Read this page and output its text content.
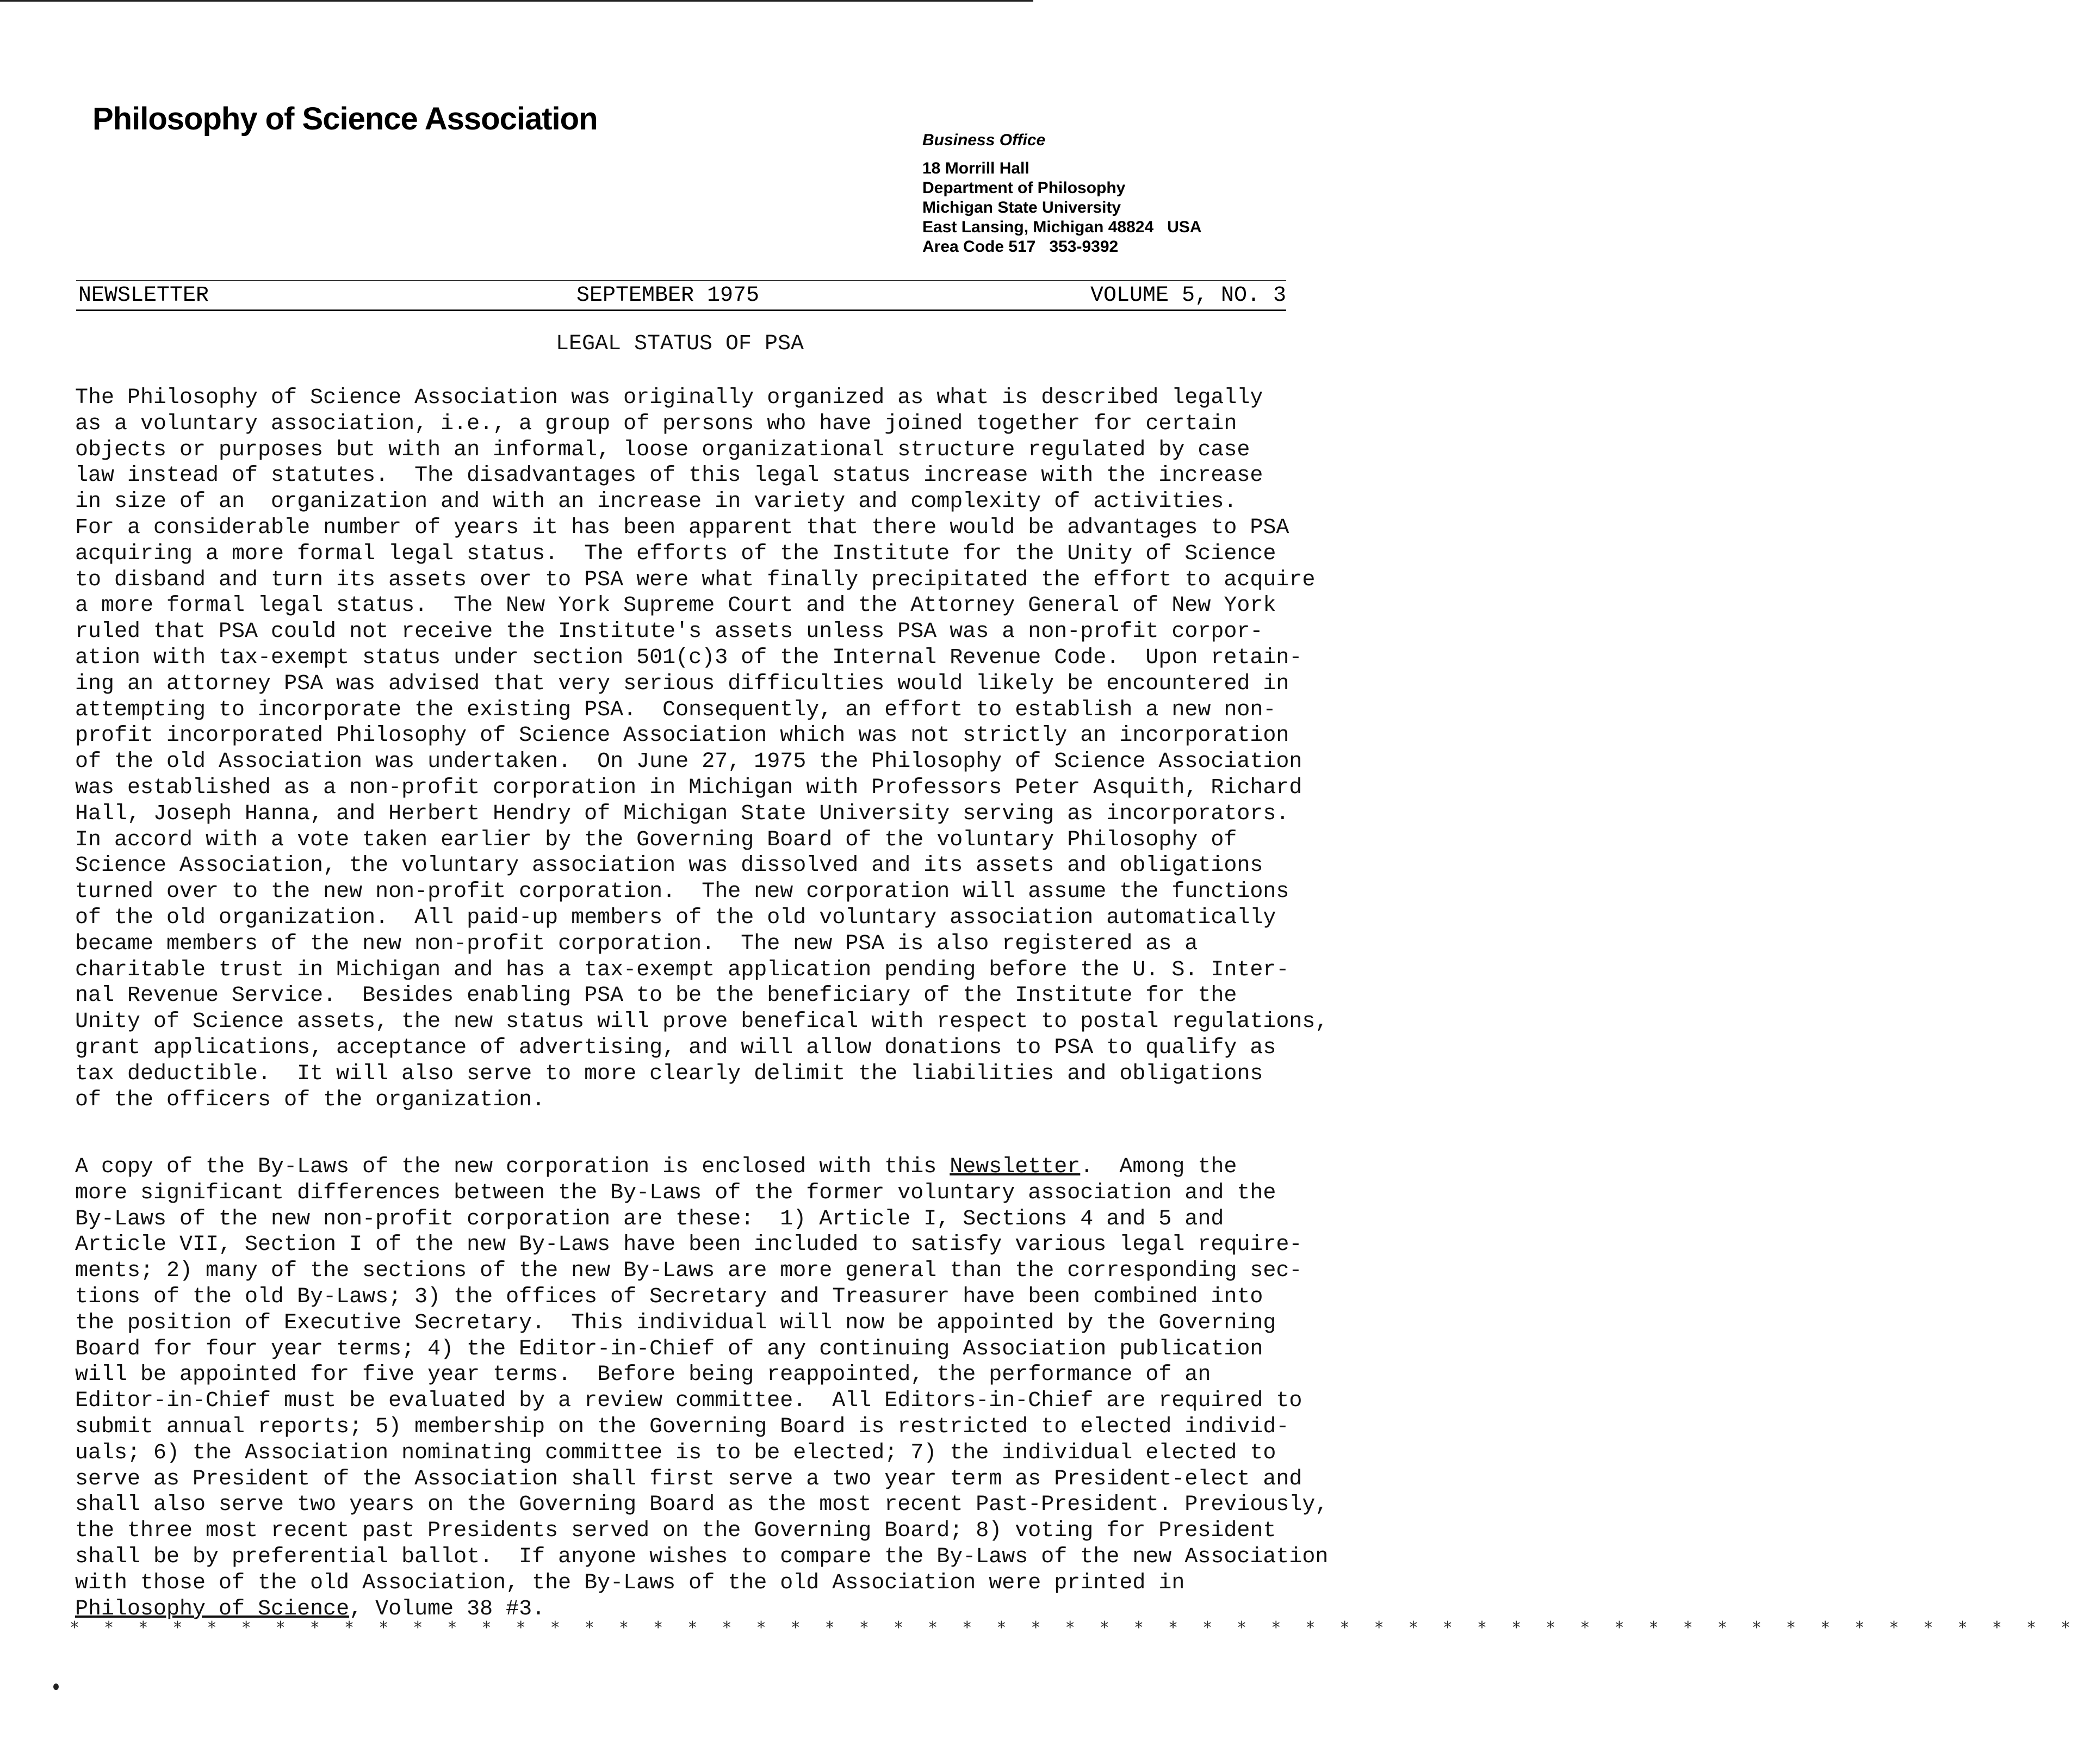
Philosophy of Science Association
Business Office
18 Morrill Hall
Department of Philosophy
Michigan State University
East Lansing, Michigan 48824   USA
Area Code 517   353-9392
NEWSLETTER	SEPTEMBER 1975	VOLUME 5, NO. 3
LEGAL STATUS OF PSA
The Philosophy of Science Association was originally organized as what is described legally
as a voluntary association, i.e., a group of persons who have joined together for certain
objects or purposes but with an informal, loose organizational structure regulated by case
law instead of statutes.  The disadvantages of this legal status increase with the increase
in size of an  organization and with an increase in variety and complexity of activities.
For a considerable number of years it has been apparent that there would be advantages to PSA
acquiring a more formal legal status.  The efforts of the Institute for the Unity of Science
to disband and turn its assets over to PSA were what finally precipitated the effort to acquire
a more formal legal status.  The New York Supreme Court and the Attorney General of New York
ruled that PSA could not receive the Institute's assets unless PSA was a non-profit corpor-
ation with tax-exempt status under section 501(c)3 of the Internal Revenue Code.  Upon retain-
ing an attorney PSA was advised that very serious difficulties would likely be encountered in
attempting to incorporate the existing PSA.  Consequently, an effort to establish a new non-
profit incorporated Philosophy of Science Association which was not strictly an incorporation
of the old Association was undertaken.  On June 27, 1975 the Philosophy of Science Association
was established as a non-profit corporation in Michigan with Professors Peter Asquith, Richard
Hall, Joseph Hanna, and Herbert Hendry of Michigan State University serving as incorporators.
In accord with a vote taken earlier by the Governing Board of the voluntary Philosophy of
Science Association, the voluntary association was dissolved and its assets and obligations
turned over to the new non-profit corporation.  The new corporation will assume the functions
of the old organization.  All paid-up members of the old voluntary association automatically
became members of the new non-profit corporation.  The new PSA is also registered as a
charitable trust in Michigan and has a tax-exempt application pending before the U. S. Inter-
nal Revenue Service.  Besides enabling PSA to be the beneficiary of the Institute for the
Unity of Science assets, the new status will prove benefical with respect to postal regulations,
grant applications, acceptance of advertising, and will allow donations to PSA to qualify as
tax deductible.  It will also serve to more clearly delimit the liabilities and obligations
of the officers of the organization.
A copy of the By-Laws of the new corporation is enclosed with this Newsletter.  Among the
more significant differences between the By-Laws of the former voluntary association and the
By-Laws of the new non-profit corporation are these:  1) Article I, Sections 4 and 5 and
Article VII, Section I of the new By-Laws have been included to satisfy various legal require-
ments; 2) many of the sections of the new By-Laws are more general than the corresponding sec-
tions of the old By-Laws; 3) the offices of Secretary and Treasurer have been combined into
the position of Executive Secretary.  This individual will now be appointed by the Governing
Board for four year terms; 4) the Editor-in-Chief of any continuing Association publication
will be appointed for five year terms.  Before being reappointed, the performance of an
Editor-in-Chief must be evaluated by a review committee.  All Editors-in-Chief are required to
submit annual reports; 5) membership on the Governing Board is restricted to elected individ-
uals; 6) the Association nominating committee is to be elected; 7) the individual elected to
serve as President of the Association shall first serve a two year term as President-elect and
shall also serve two years on the Governing Board as the most recent Past-President. Previously,
the three most recent past Presidents served on the Governing Board; 8) voting for President
shall be by preferential ballot.  If anyone wishes to compare the By-Laws of the new Association
with those of the old Association, the By-Laws of the old Association were printed in
Philosophy of Science, Volume 38 #3.
* * * * * * * * * * * * * * * * * * * * * * * * * * * * * * * * * * * * * * * * * * * * * * * * * * * * * * * * * * *
